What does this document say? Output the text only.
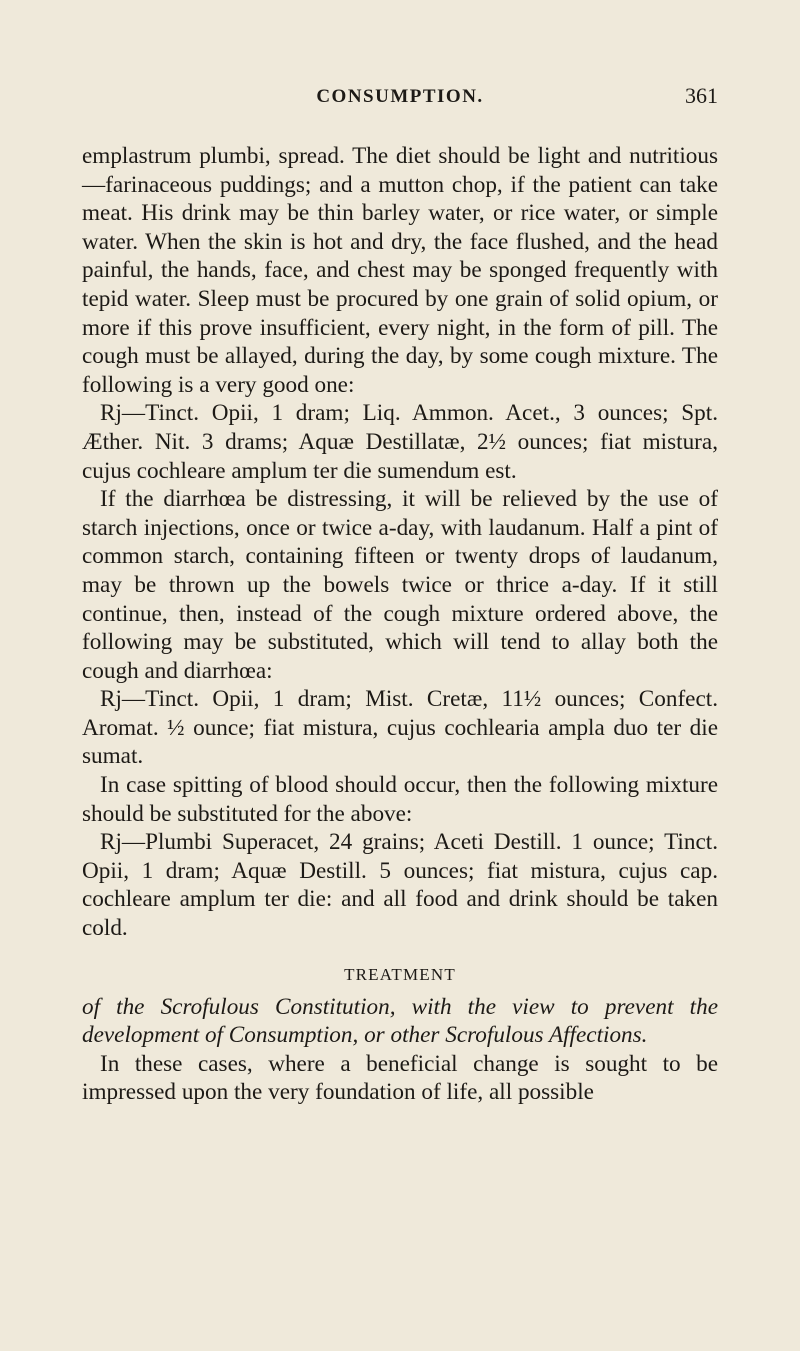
CONSUMPTION.	361

emplastrum plumbi, spread. The diet should be light and nutritious—farinaceous puddings; and a mutton chop, if the patient can take meat. His drink may be thin barley water, or rice water, or simple water. When the skin is hot and dry, the face flushed, and the head painful, the hands, face, and chest may be sponged frequently with tepid water. Sleep must be procured by one grain of solid opium, or more if this prove insufficient, every night, in the form of pill. The cough must be allayed, during the day, by some cough mixture. The following is a very good one:

Rj—Tinct. Opii, 1 dram; Liq. Ammon. Acet., 3 ounces; Spt. Æther. Nit. 3 drams; Aquæ Destillatæ, 2½ ounces; fiat mistura, cujus cochleare amplum ter die sumendum est.

If the diarrhœa be distressing, it will be relieved by the use of starch injections, once or twice a-day, with laudanum. Half a pint of common starch, containing fifteen or twenty drops of laudanum, may be thrown up the bowels twice or thrice a-day. If it still continue, then, instead of the cough mixture ordered above, the following may be substituted, which will tend to allay both the cough and diarrhœa:

Rj—Tinct. Opii, 1 dram; Mist. Cretæ, 11½ ounces; Confect. Aromat. ½ ounce; fiat mistura, cujus cochlearia ampla duo ter die sumat.

In case spitting of blood should occur, then the following mixture should be substituted for the above:

Rj—Plumbi Superacet, 24 grains; Aceti Destill. 1 ounce; Tinct. Opii, 1 dram; Aquæ Destill. 5 ounces; fiat mistura, cujus cap. cochleare amplum ter die: and all food and drink should be taken cold.

TREATMENT

of the Scrofulous Constitution, with the view to prevent the development of Consumption, or other Scrofulous Affections.

In these cases, where a beneficial change is sought to be impressed upon the very foundation of life, all possible
